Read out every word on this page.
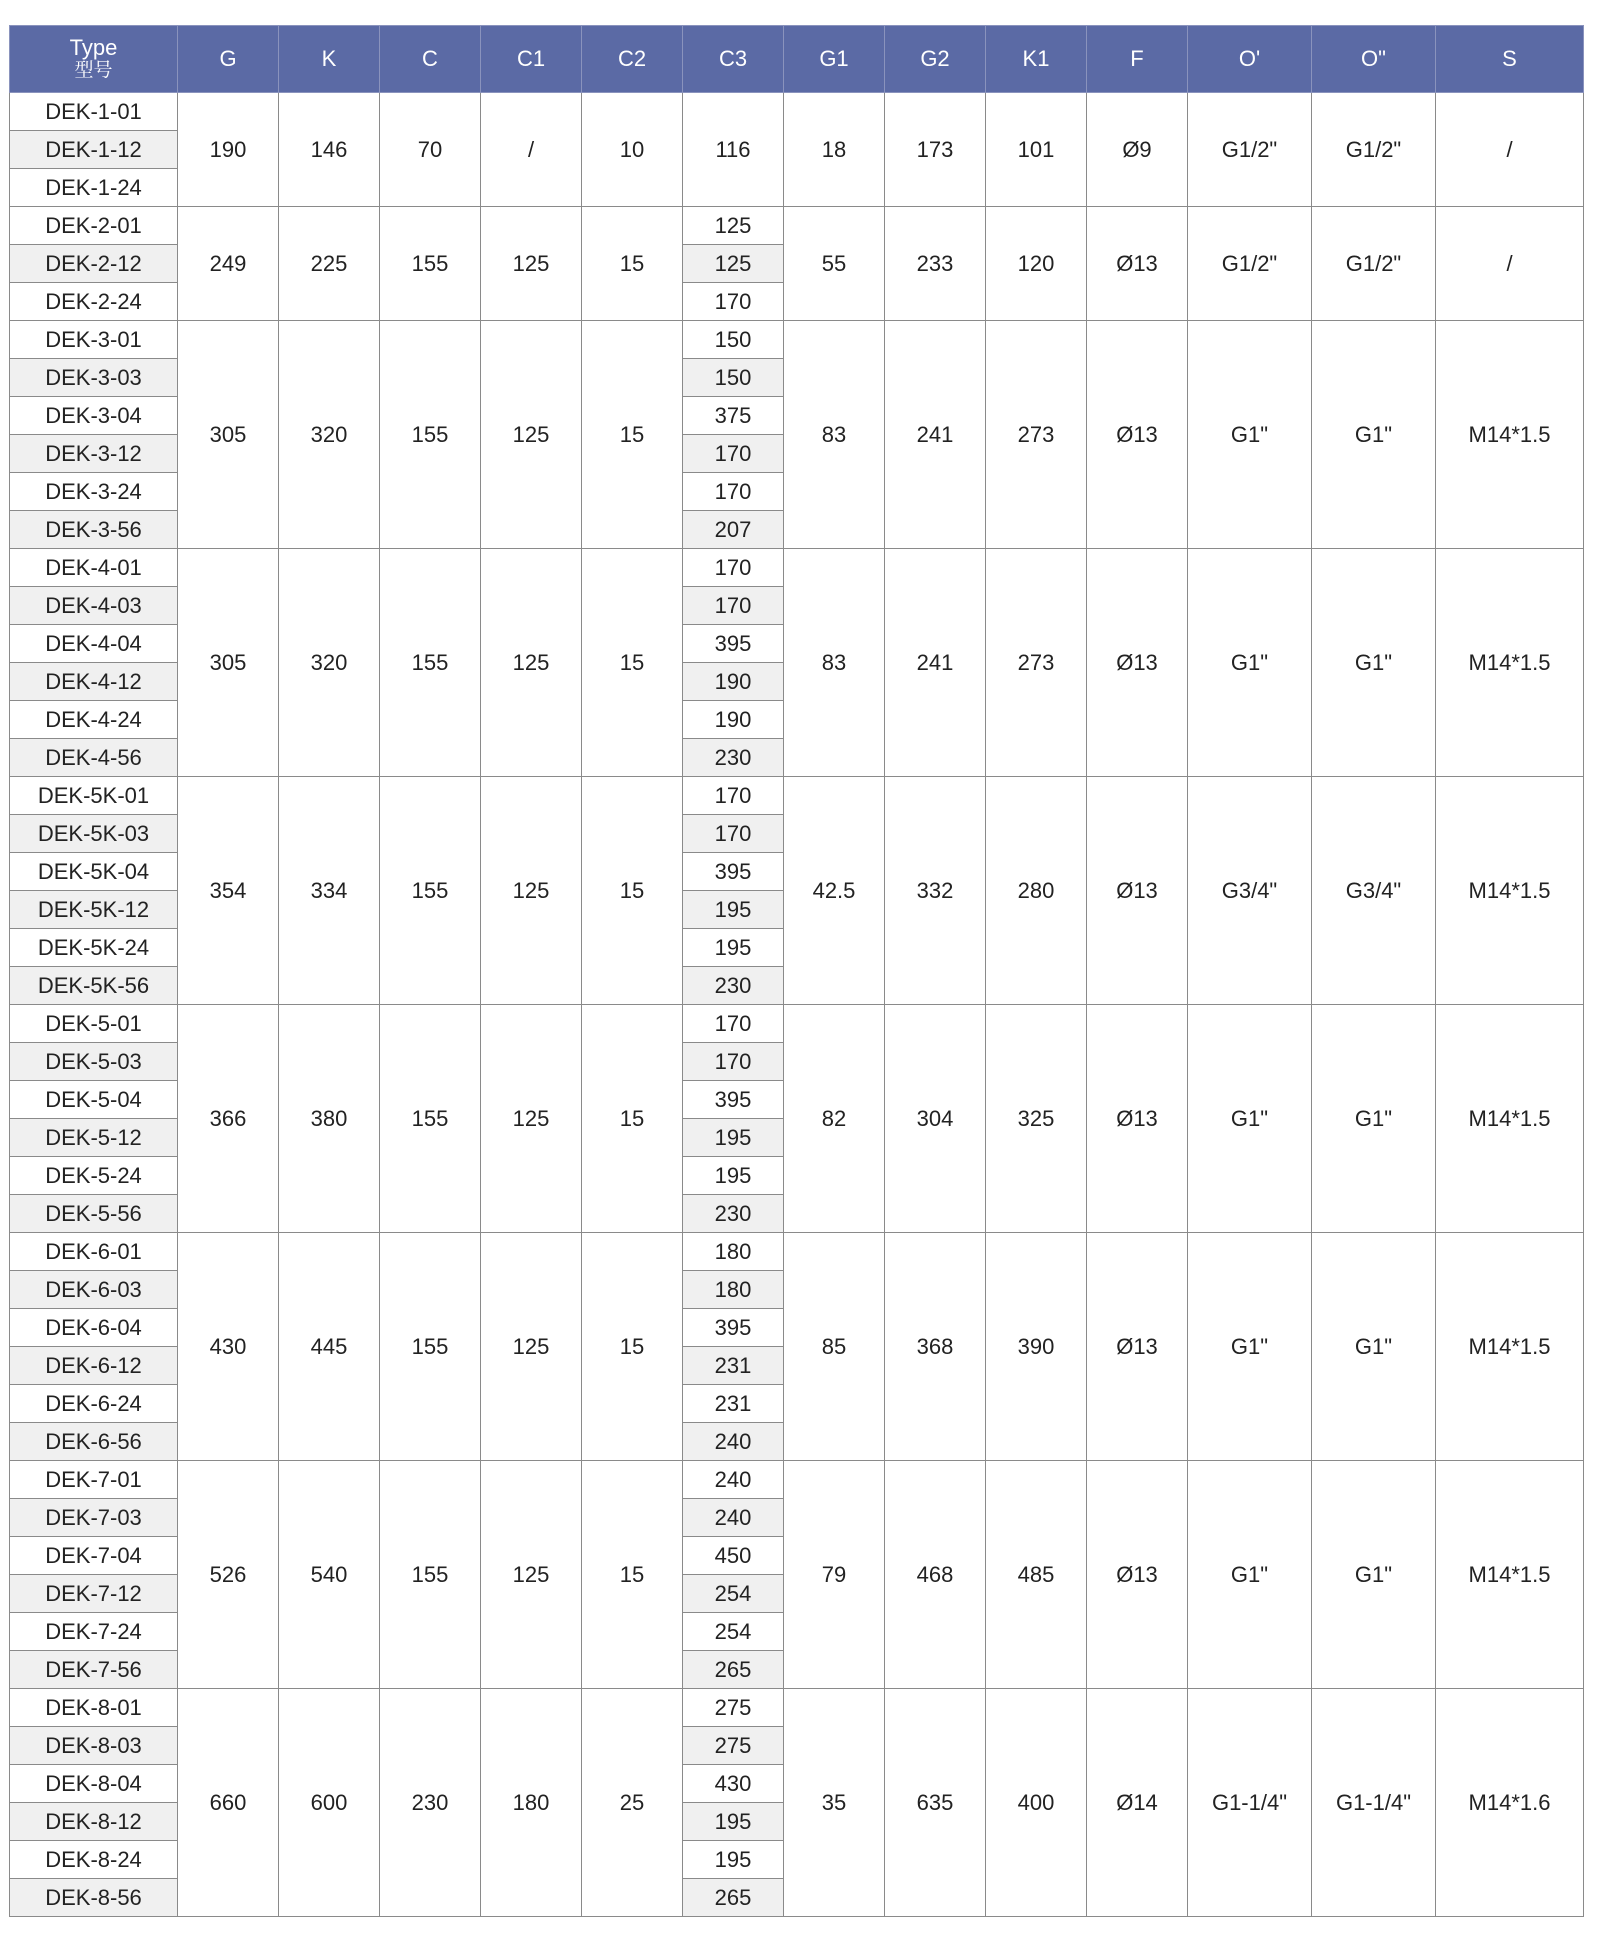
Type
型号	G	K	C	C1	C2	C3	G1	G2	K1	F	O'	O"	S
DEK-1-01	190	146	70	/	10	116	18	173	101	Ø9	G1/2"	G1/2"	/
DEK-1-12													
DEK-1-24													
DEK-2-01	249	225	155	125	15	125	55	233	120	Ø13	G1/2"	G1/2"	/
DEK-2-12						125							
DEK-2-24						170							
DEK-3-01	305	320	155	125	15	150	83	241	273	Ø13	G1"	G1"	M14*1.5
DEK-3-03						150							
DEK-3-04						375							
DEK-3-12						170							
DEK-3-24						170							
DEK-3-56						207							
DEK-4-01	305	320	155	125	15	170	83	241	273	Ø13	G1"	G1"	M14*1.5
DEK-4-03						170							
DEK-4-04						395							
DEK-4-12						190							
DEK-4-24						190							
DEK-4-56						230							
DEK-5K-01	354	334	155	125	15	170	42.5	332	280	Ø13	G3/4"	G3/4"	M14*1.5
DEK-5K-03						170							
DEK-5K-04						395							
DEK-5K-12						195							
DEK-5K-24						195							
DEK-5K-56						230							
DEK-5-01	366	380	155	125	15	170	82	304	325	Ø13	G1"	G1"	M14*1.5
DEK-5-03						170							
DEK-5-04						395							
DEK-5-12						195							
DEK-5-24						195							
DEK-5-56						230							
DEK-6-01	430	445	155	125	15	180	85	368	390	Ø13	G1"	G1"	M14*1.5
DEK-6-03						180							
DEK-6-04						395							
DEK-6-12						231							
DEK-6-24						231							
DEK-6-56						240							
DEK-7-01	526	540	155	125	15	240	79	468	485	Ø13	G1"	G1"	M14*1.5
DEK-7-03						240							
DEK-7-04						450							
DEK-7-12						254							
DEK-7-24						254							
DEK-7-56						265							
DEK-8-01	660	600	230	180	25	275	35	635	400	Ø14	G1-1/4"	G1-1/4"	M14*1.6
DEK-8-03						275							
DEK-8-04						430							
DEK-8-12						195							
DEK-8-24						195							
DEK-8-56						265							
